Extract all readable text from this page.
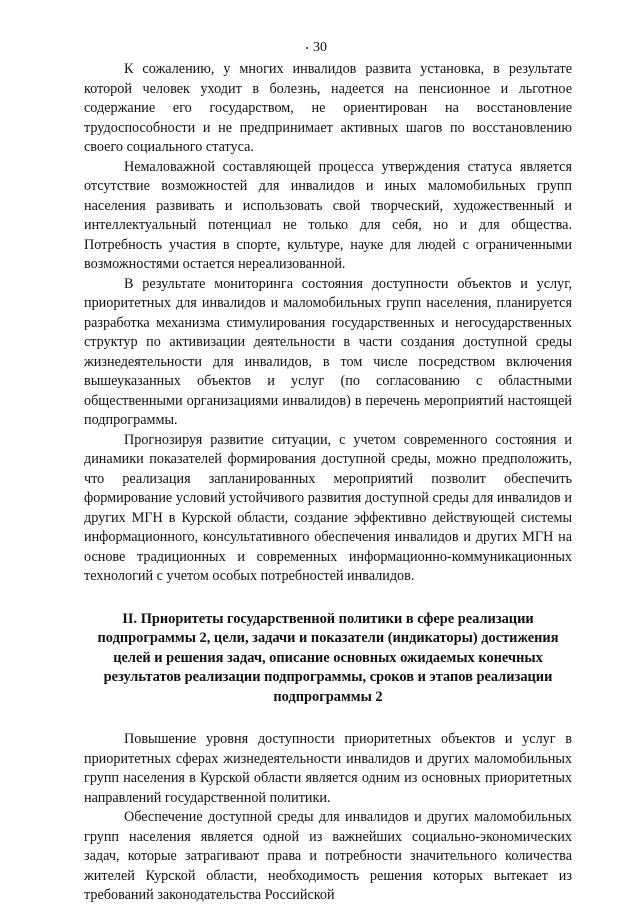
30

К сожалению, у многих инвалидов развита установка, в результате которой человек уходит в болезнь, надеется на пенсионное и льготное содержание его государством, не ориентирован на восстановление трудоспособности и не предпринимает активных шагов по восстановлению своего социального статуса.

Немаловажной составляющей процесса утверждения статуса является отсутствие возможностей для инвалидов и иных маломобильных групп населения развивать и использовать свой творческий, художественный и интеллектуальный потенциал не только для себя, но и для общества. Потребность участия в спорте, культуре, науке для людей с ограниченными возможностями остается нереализованной.

В результате мониторинга состояния доступности объектов и услуг, приоритетных для инвалидов и маломобильных групп населения, планируется разработка механизма стимулирования государственных и негосударственных структур по активизации деятельности в части создания доступной среды жизнедеятельности для инвалидов, в том числе посредством включения вышеуказанных объектов и услуг (по согласованию с областными общественными организациями инвалидов) в перечень мероприятий настоящей подпрограммы.

Прогнозируя развитие ситуации, с учетом современного состояния и динамики показателей формирования доступной среды, можно предположить, что реализация запланированных мероприятий позволит обеспечить формирование условий устойчивого развития доступной среды для инвалидов и других МГН в Курской области, создание эффективно действующей системы информационного, консультативного обеспечения инвалидов и других МГН на основе традиционных и современных информационно-коммуникационных технологий с учетом особых потребностей инвалидов.

II. Приоритеты государственной политики в сфере реализации подпрограммы 2, цели, задачи и показатели (индикаторы) достижения целей и решения задач, описание основных ожидаемых конечных результатов реализации подпрограммы, сроков и этапов реализации подпрограммы 2

Повышение уровня доступности приоритетных объектов и услуг в приоритетных сферах жизнедеятельности инвалидов и других маломобильных групп населения в Курской области является одним из основных приоритетных направлений государственной политики.

Обеспечение доступной среды для инвалидов и других маломобильных групп населения является одной из важнейших социально-экономических задач, которые затрагивают права и потребности значительного количества жителей Курской области, необходимость решения которых вытекает из требований законодательства Российской
